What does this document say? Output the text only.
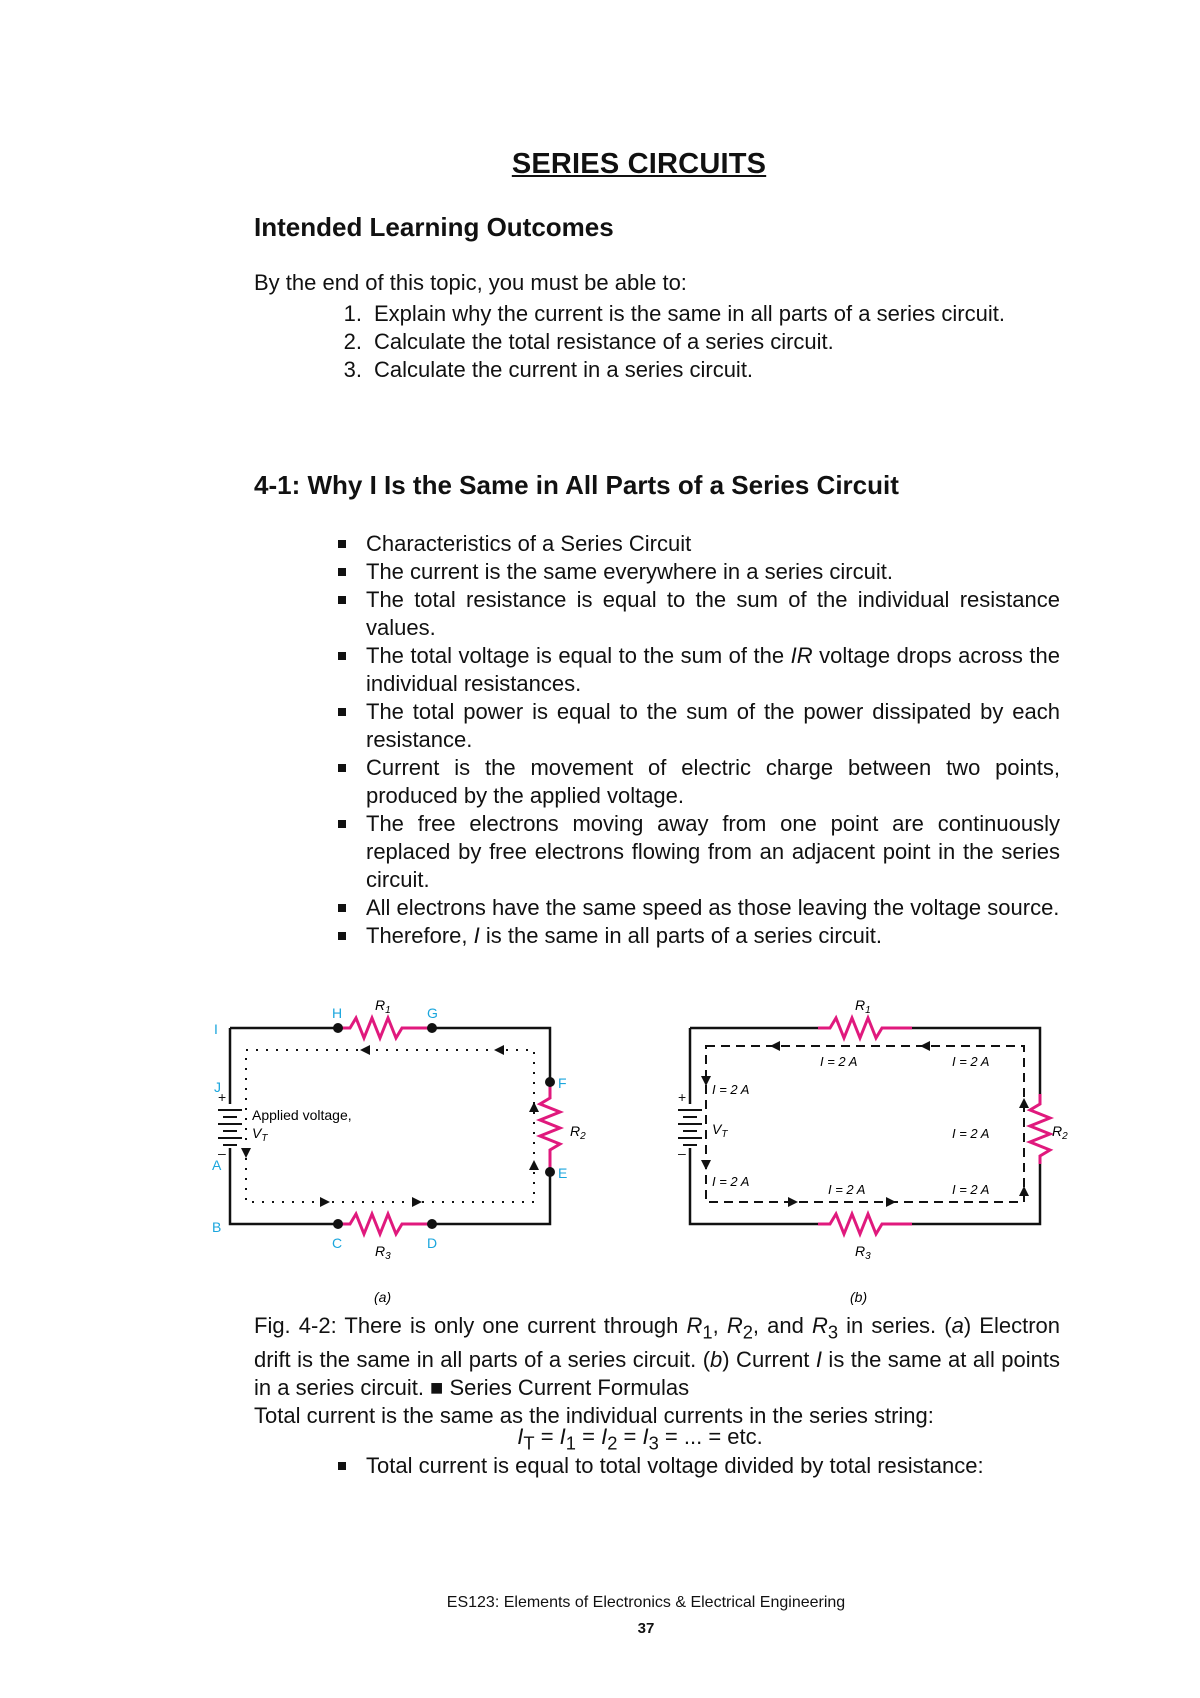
SERIES CIRCUITS
Intended Learning Outcomes
By the end of this topic, you must be able to:
1. Explain why the current is the same in all parts of a series circuit.
2. Calculate the total resistance of a series circuit.
3. Calculate the current in a series circuit.
4-1: Why I Is the Same in All Parts of a Series Circuit
Characteristics of a Series Circuit
The current is the same everywhere in a series circuit.
The total resistance is equal to the sum of the individual resistance values.
The total voltage is equal to the sum of the IR voltage drops across the individual resistances.
The total power is equal to the sum of the power dissipated by each resistance.
Current is the movement of electric charge between two points, produced by the applied voltage.
The free electrons moving away from one point are continuously replaced by free electrons flowing from an adjacent point in the series circuit.
All electrons have the same speed as those leaving the voltage source.
Therefore, I is the same in all parts of a series circuit.
+
–
H	G
I
J
A
B
C	D
E
F
$R_1$
$R_2$
$R_3$
Applied voltage,
$V_T$
(a)
+
–
I = 2 A	I = 2 A
I = 2 A
I = 2 A
I = 2 A
I = 2 A	I = 2 A
$R_1$
$R_2$
$R_3$
$V_T$
(b)
Fig. 4-2: There is only one current through $R_1$, $R_2$, and $R_3$ in series. (a) Electron drift is the same in all parts of a series circuit. (b) Current I is the same at all points in a series circuit. ■ Series Current Formulas
Total current is the same as the individual currents in the series string:
$I_T = I_1 = I_2 = I_3$ = ... = etc.
Total current is equal to total voltage divided by total resistance:
ES123: Elements of Electronics & Electrical Engineering
37
